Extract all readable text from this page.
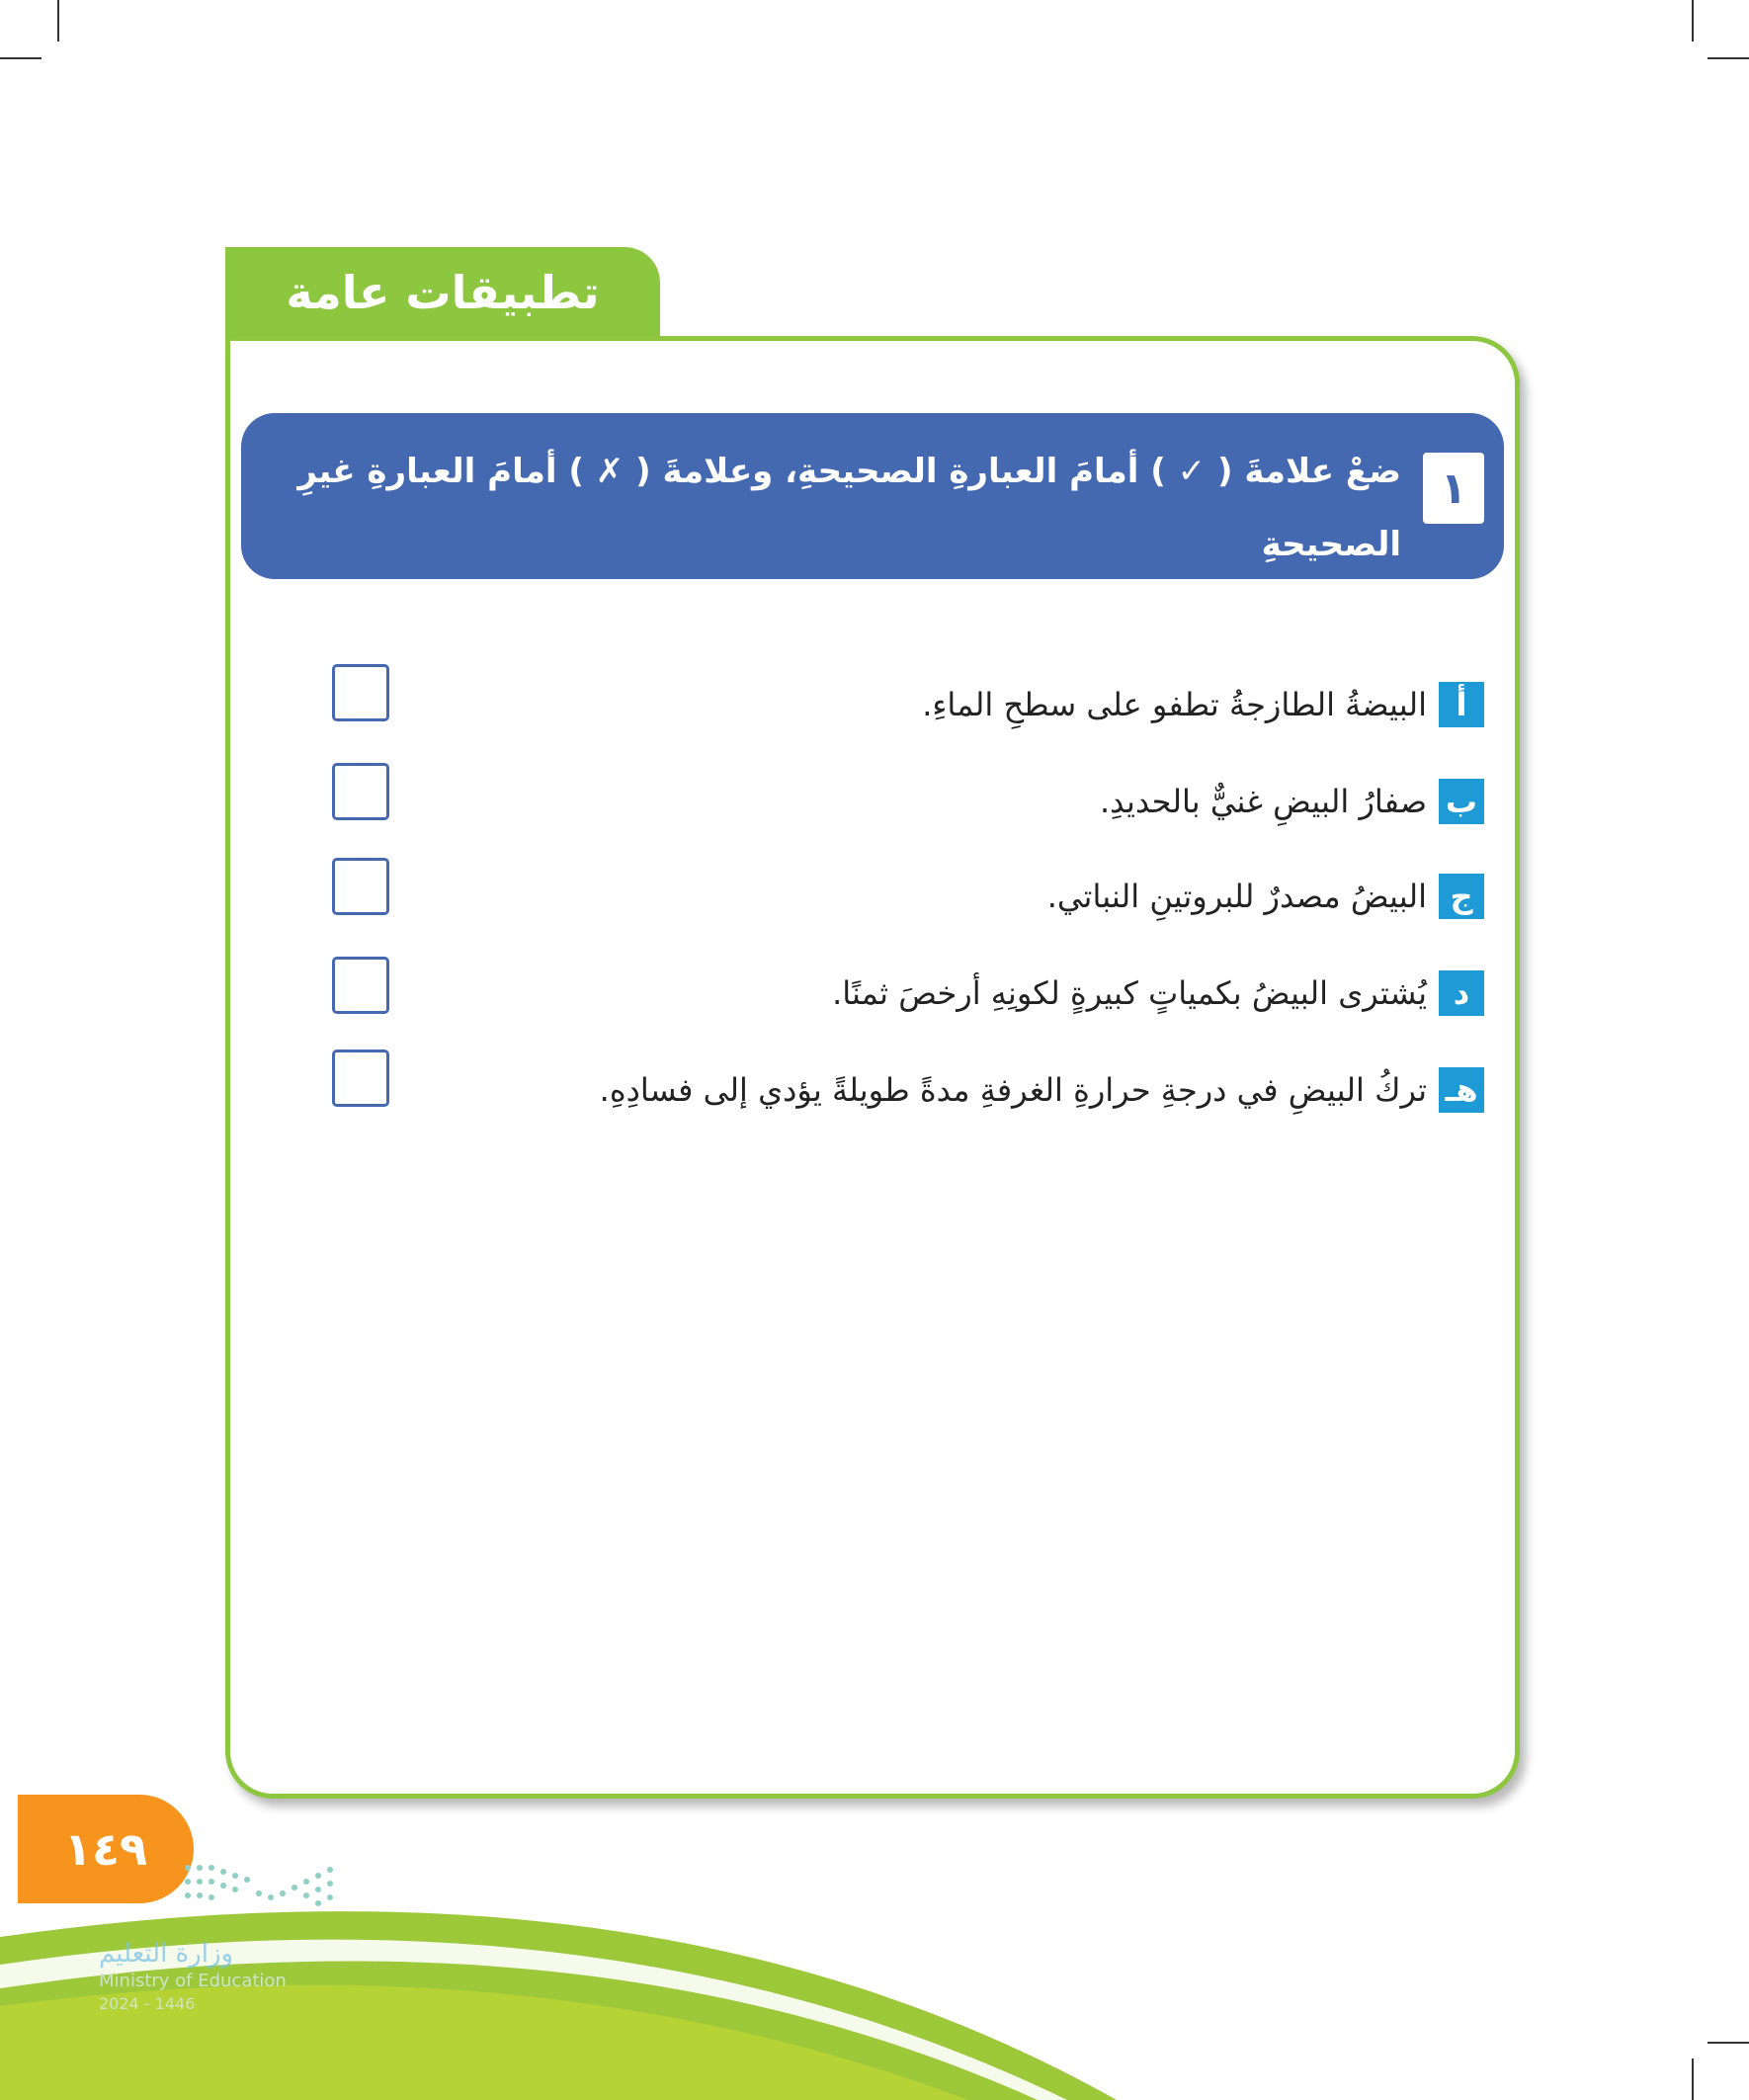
تطبيقات عامة
١
ضعْ علامةَ ( ✓ ) أمامَ العبارةِ الصحيحةِ، وعلامةَ ( ✗ ) أمامَ العبارةِ غيرِ الصحيحةِ
فيما يأتي:
أ
البيضةُ الطازجةُ تطفو على سطحِ الماءِ.
ب
صفارُ البيضِ غنيٌّ بالحديدِ.
ج
البيضُ مصدرٌ للبروتينِ النباتي.
د
يُشترى البيضُ بكمياتٍ كبيرةٍ لكونِهِ أرخصَ ثمنًا.
هـ
تركُ البيضِ في درجةِ حرارةِ الغرفةِ مدةً طويلةً يؤدي إلى فسادِهِ.
١٤٩
وزارة التعليم
Ministry of Education
2024 - 1446
